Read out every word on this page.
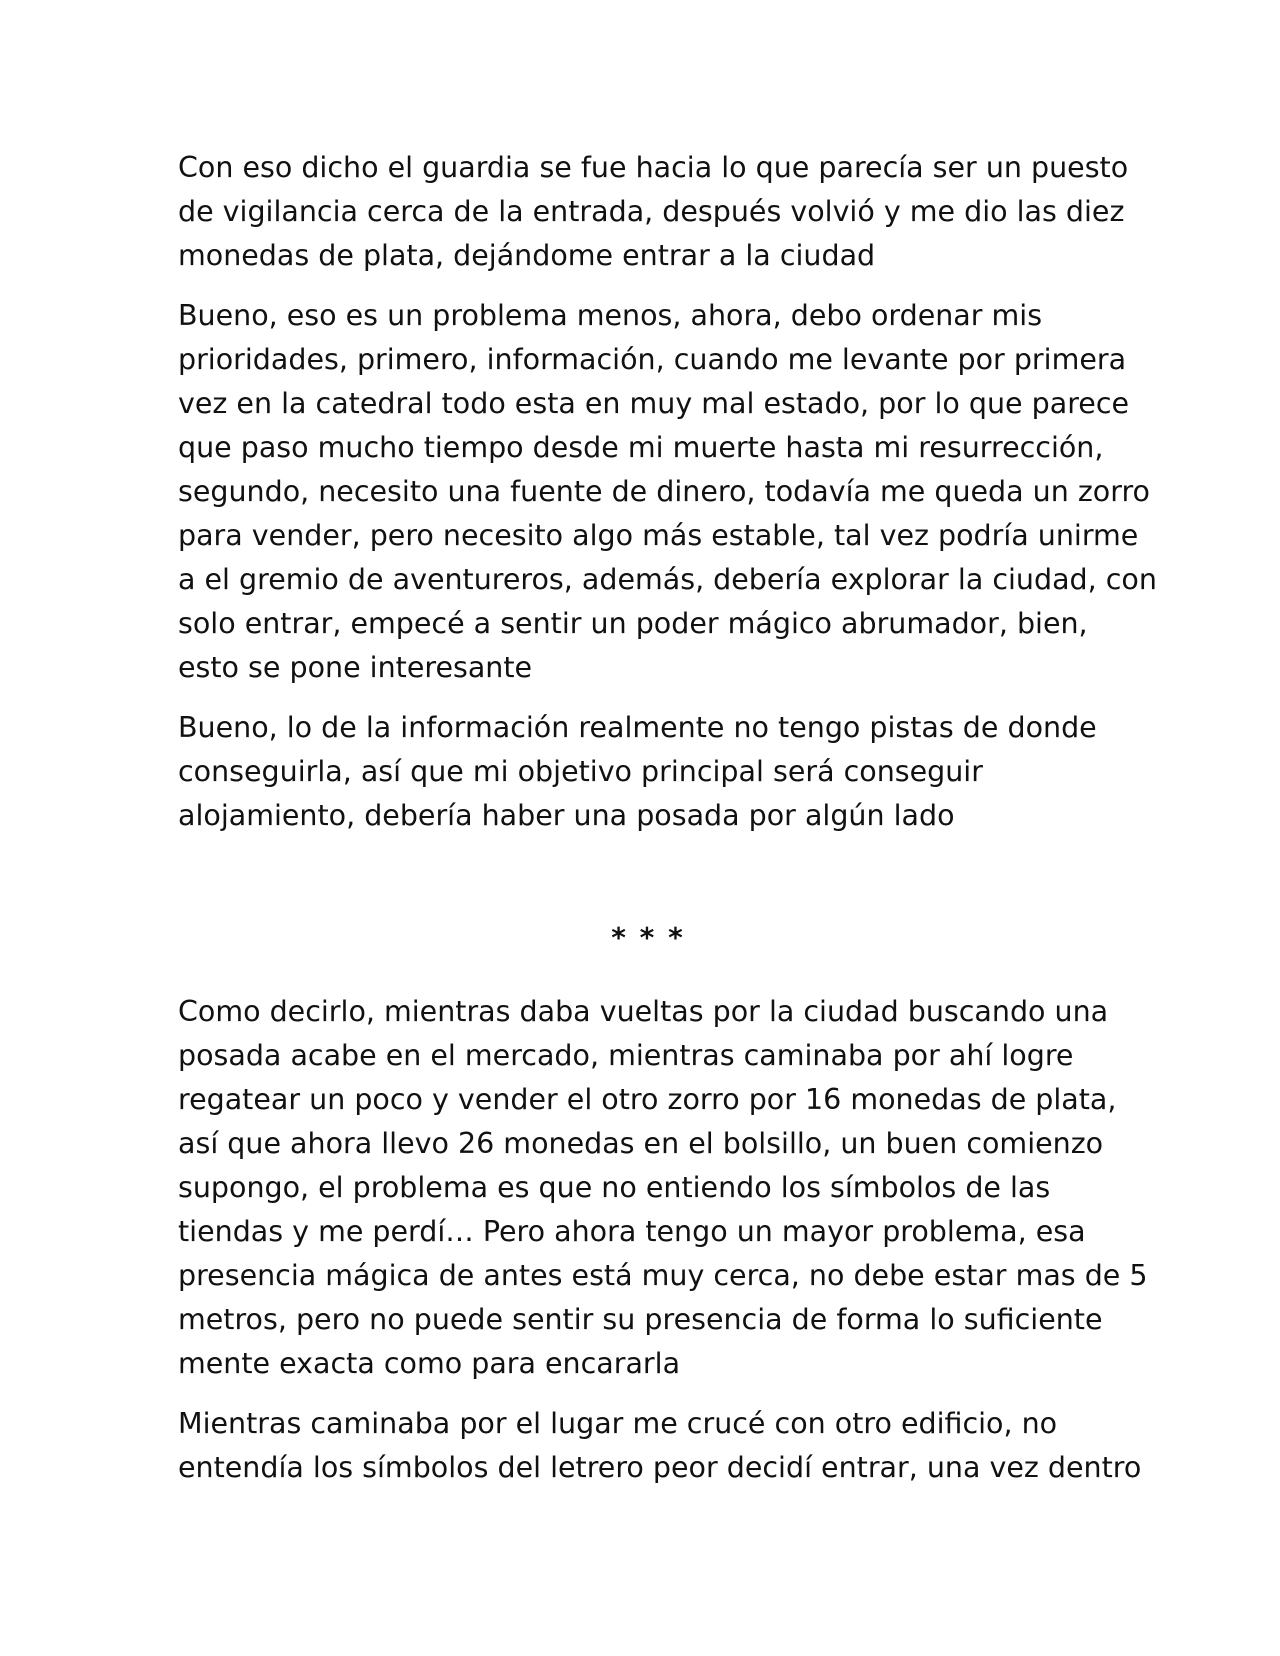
Con eso dicho el guardia se fue hacia lo que parecía ser un puesto
de vigilancia cerca de la entrada, después volvió y me dio las diez
monedas de plata, dejándome entrar a la ciudad

Bueno, eso es un problema menos, ahora, debo ordenar mis
prioridades, primero, información, cuando me levante por primera
vez en la catedral todo esta en muy mal estado, por lo que parece
que paso mucho tiempo desde mi muerte hasta mi resurrección,
segundo, necesito una fuente de dinero, todavía me queda un zorro
para vender, pero necesito algo más estable, tal vez podría unirme
a el gremio de aventureros, además, debería explorar la ciudad, con
solo entrar, empecé a sentir un poder mágico abrumador, bien,
esto se pone interesante

Bueno, lo de la información realmente no tengo pistas de donde
conseguirla, así que mi objetivo principal será conseguir
alojamiento, debería haber una posada por algún lado

* * *

Como decirlo, mientras daba vueltas por la ciudad buscando una
posada acabe en el mercado, mientras caminaba por ahí logre
regatear un poco y vender el otro zorro por 16 monedas de plata,
así que ahora llevo 26 monedas en el bolsillo, un buen comienzo
supongo, el problema es que no entiendo los símbolos de las
tiendas y me perdí… Pero ahora tengo un mayor problema, esa
presencia mágica de antes está muy cerca, no debe estar mas de 5
metros, pero no puede sentir su presencia de forma lo suficiente
mente exacta como para encararla

Mientras caminaba por el lugar me crucé con otro edificio, no
entendía los símbolos del letrero peor decidí entrar, una vez dentro
